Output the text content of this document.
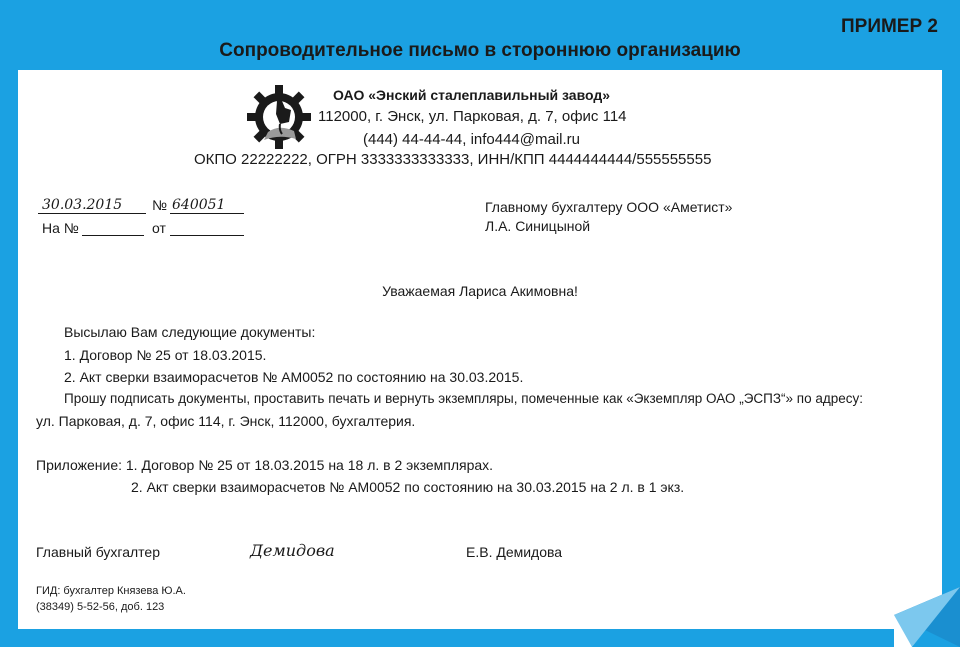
ПРИМЕР 2
Сопроводительное письмо в стороннюю организацию
ОАО «Энский сталеплавильный завод»
112000, г. Энск, ул. Парковая, д. 7, офис 114
(444) 44-44-44, info444@mail.ru
ОКПО 22222222, ОГРН 3333333333333, ИНН/КПП 4444444444/555555555
30.03.2015 № 640051
На №	от
Главному бухгалтеру ООО «Аметист»
Л.А. Синицыной
Уважаемая Лариса Акимовна!
Высылаю Вам следующие документы:
1. Договор № 25 от 18.03.2015.
2. Акт сверки взаиморасчетов № АМ0052 по состоянию на 30.03.2015.
Прошу подписать документы, проставить печать и вернуть экземпляры, помеченные как «Экземпляр ОАО „ЭСПЗ“» по адресу:
ул. Парковая, д. 7, офис 114, г. Энск, 112000, бухгалтерия.
Приложение: 1. Договор № 25 от 18.03.2015 на 18 л. в 2 экземплярах.
2. Акт сверки взаиморасчетов № АМ0052 по состоянию на 30.03.2015 на 2 л. в 1 экз.
Главный бухгалтер	Демидова	Е.В. Демидова
ГИД: бухгалтер Князева Ю.А.
(38349) 5-52-56, доб. 123
